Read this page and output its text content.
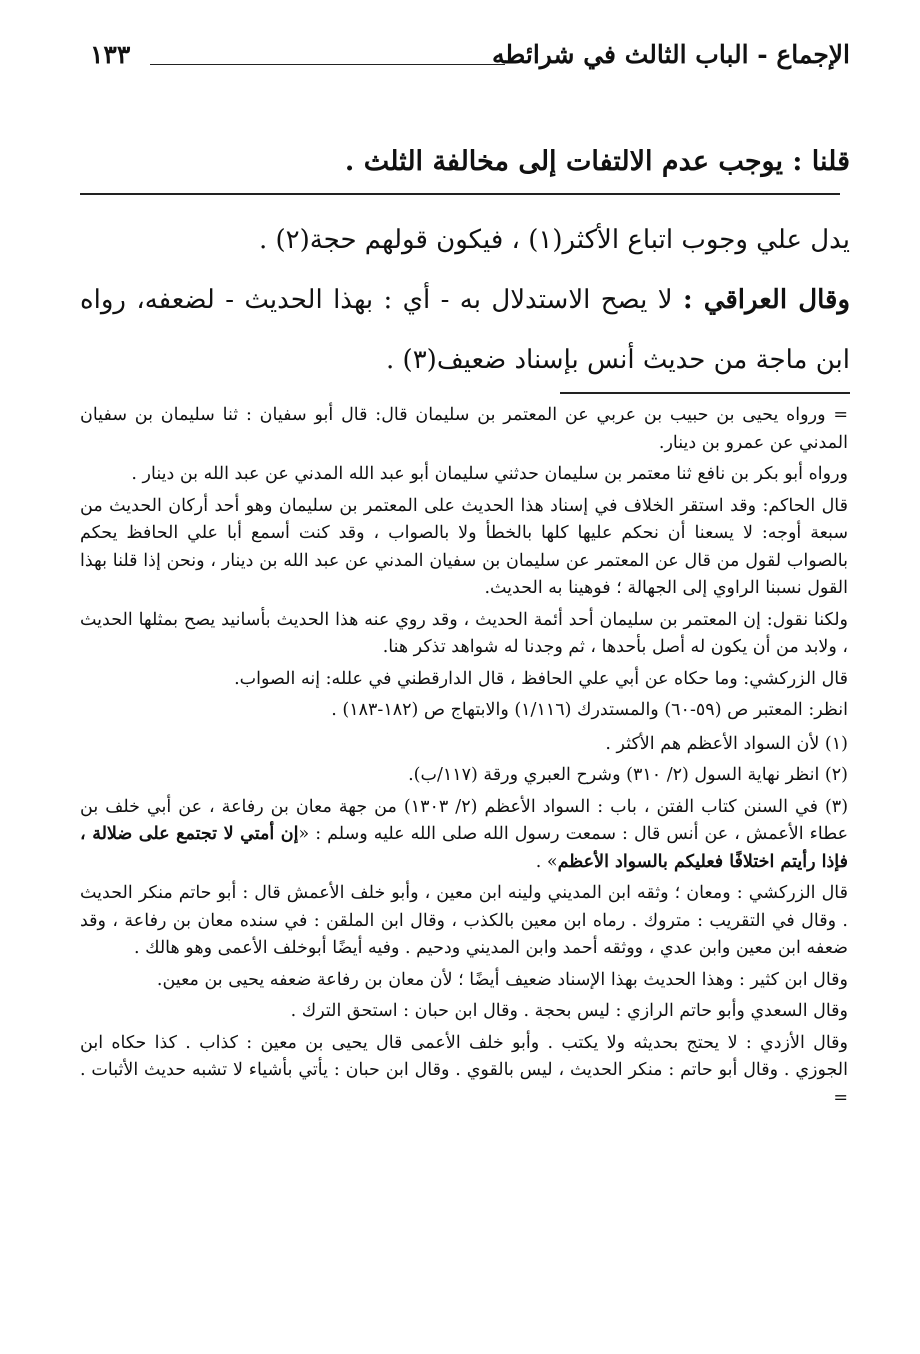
الإجماع - الباب الثالث في شرائطه
١٣٣

قلنا : يوجب عدم الالتفات إلى مخالفة الثلث .

يدل علي وجوب اتباع الأكثر(١) ، فيكون قولهم حجة(٢) .

وقال العراقي : لا يصح الاستدلال به - أي : بهذا الحديث - لضعفه، رواه ابن ماجة من حديث أنس بإسناد ضعيف(٣) .

= ورواه يحيى بن حبيب بن عربي عن المعتمر بن سليمان قال: قال أبو سفيان : ثنا سليمان بن سفيان المدني عن عمرو بن دينار.

ورواه أبو بكر بن نافع ثنا معتمر بن سليمان حدثني سليمان أبو عبد الله المدني عن عبد الله بن دينار .

قال الحاكم: وقد استقر الخلاف في إسناد هذا الحديث على المعتمر بن سليمان وهو أحد أركان الحديث من سبعة أوجه: لا يسعنا أن نحكم عليها كلها بالخطأ ولا بالصواب ، وقد كنت أسمع أبا علي الحافظ يحكم بالصواب لقول من قال عن المعتمر عن سليمان بن سفيان المدني عن عبد الله بن دينار ، ونحن إذا قلنا بهذا القول نسبنا الراوي إلى الجهالة ؛ فوهينا به الحديث.

ولكنا نقول: إن المعتمر بن سليمان أحد أئمة الحديث ، وقد روي عنه هذا الحديث بأسانيد يصح بمثلها الحديث ، ولابد من أن يكون له أصل بأحدها ، ثم وجدنا له شواهد تذكر هنا.

قال الزركشي: وما حكاه عن أبي علي الحافظ ، قال الدارقطني في علله: إنه الصواب.

انظر: المعتبر ص (٥٩-٦٠) والمستدرك (١/١١٦) والابتهاج ص (١٨٢-١٨٣) .

(١) لأن السواد الأعظم هم الأكثر .

(٢) انظر نهاية السول (٢/ ٣١٠) وشرح العبري ورقة (١١٧/ب).

(٣) في السنن كتاب الفتن ، باب : السواد الأعظم (٢/ ١٣٠٣) من جهة معان بن رفاعة ، عن أبي خلف بن عطاء الأعمش ، عن أنس قال : سمعت رسول الله صلى الله عليه وسلم : «إن أمتي لا تجتمع على ضلالة ، فإذا رأيتم اختلافًا فعليكم بالسواد الأعظم» .

قال الزركشي : ومعان ؛ وثقه ابن المديني ولينه ابن معين ، وأبو خلف الأعمش قال : أبو حاتم منكر الحديث . وقال في التقريب : متروك . رماه ابن معين بالكذب ، وقال ابن الملقن : في سنده معان بن رفاعة ، وقد ضعفه ابن معين وابن عدي ، ووثقه أحمد وابن المديني ودحيم . وفيه أيضًا أبوخلف الأعمى وهو هالك .

وقال ابن كثير : وهذا الحديث بهذا الإسناد ضعيف أيضًا ؛ لأن معان بن رفاعة ضعفه يحيى بن معين.

وقال السعدي وأبو حاتم الرازي : ليس بحجة . وقال ابن حبان : استحق الترك .

وقال الأزدي : لا يحتج بحديثه ولا يكتب . وأبو خلف الأعمى قال يحيى بن معين : كذاب . كذا حكاه ابن الجوزي . وقال أبو حاتم : منكر الحديث ، ليس بالقوي . وقال ابن حبان : يأتي بأشياء لا تشبه حديث الأثبات . =
